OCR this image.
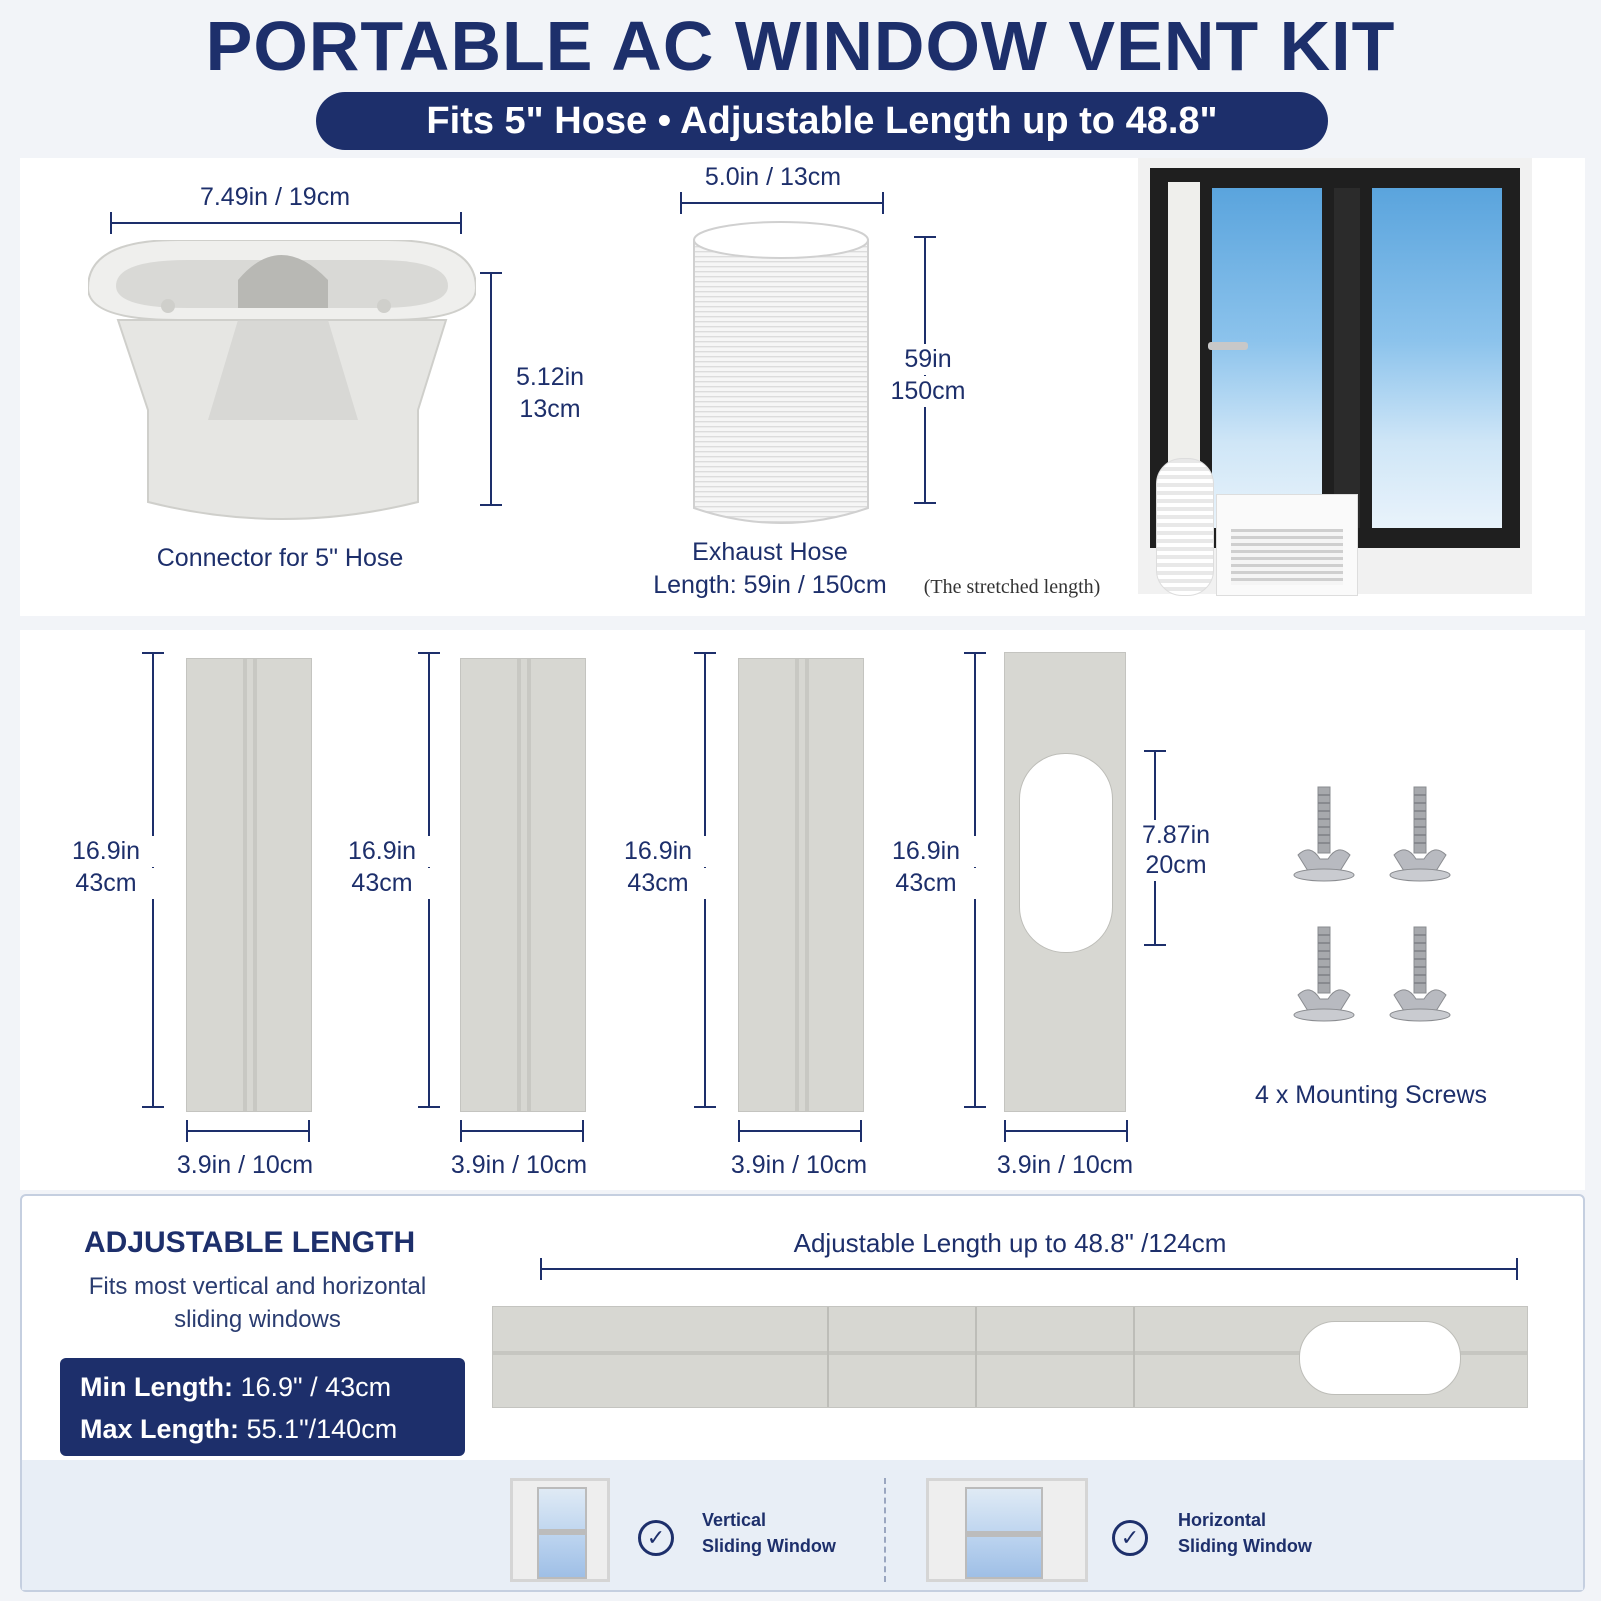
PORTABLE AC WINDOW VENT KIT
Fits 5" Hose • Adjustable Length up to 48.8"
7.49in / 19cm
5.12in
13cm
Connector for 5" Hose
5.0in / 13cm
59in
150cm
Exhaust Hose
Length: 59in / 150cm	(The stretched length)
16.9in
43cm
3.9in / 10cm
16.9in
43cm
3.9in / 10cm
16.9in
43cm
3.9in / 10cm
16.9in
43cm
7.87in
20cm
3.9in / 10cm
4 x Mounting Screws
ADJUSTABLE LENGTH
Fits most vertical and horizontal
sliding windows
Min Length: 16.9" / 43cm
Max Length: 55.1"/140cm
Adjustable Length up to 48.8" /124cm
✓
Vertical
Sliding Window	✓
Horizontal
Sliding Window
